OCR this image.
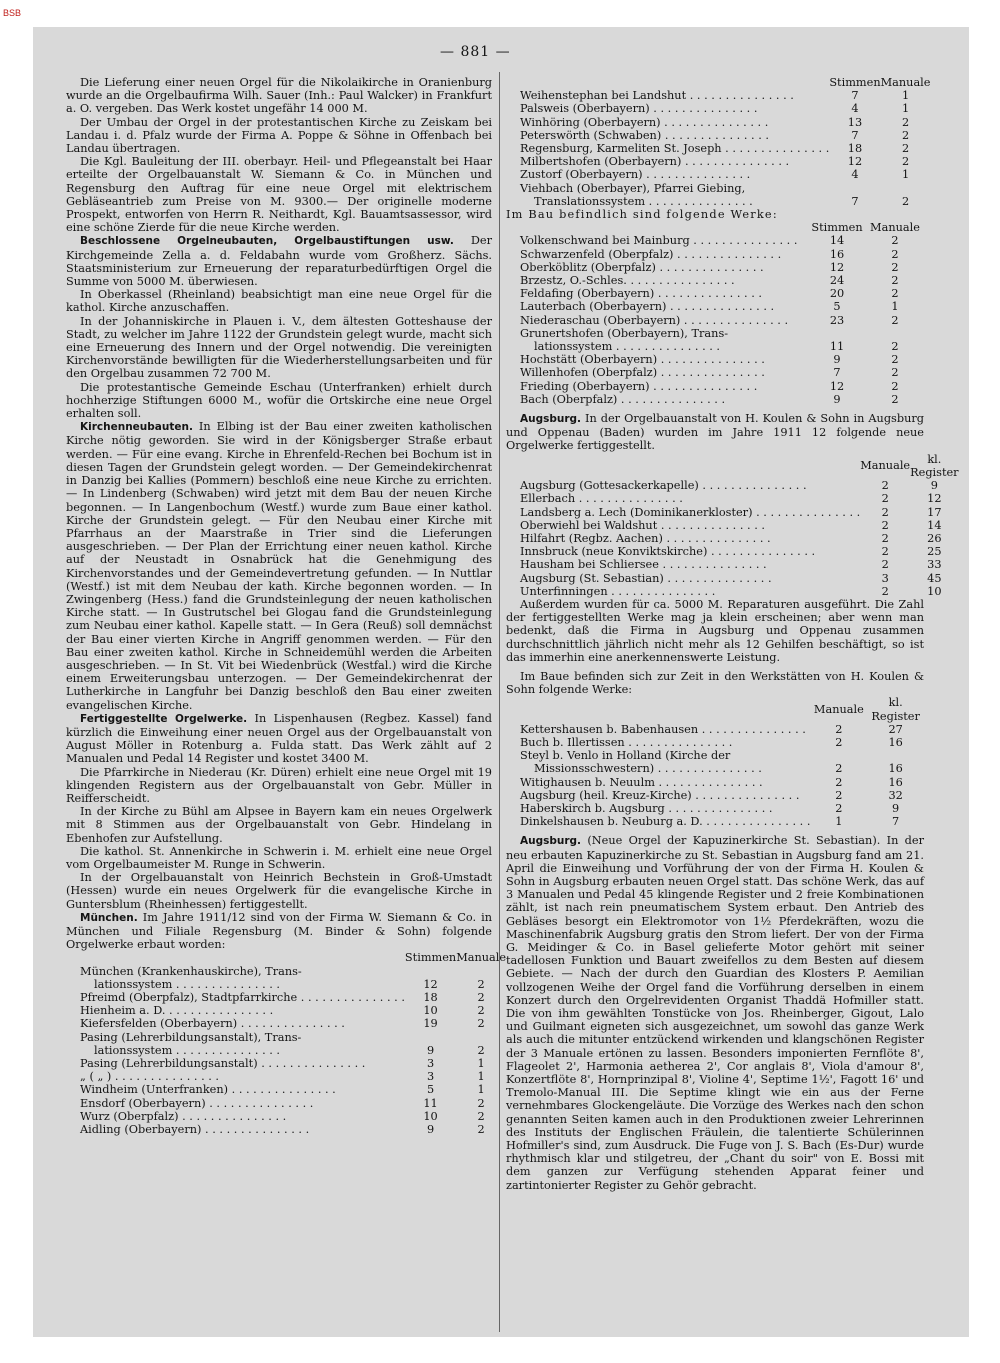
BSB
— 881 —

Die Lieferung einer neuen Orgel für die Nikolaikirche in Oranienburg wurde an die Orgelbaufirma Wilh. Sauer (Inh.: Paul Walcker) in Frankfurt a. O. vergeben. Das Werk kostet ungefähr 14 000 M.

Der Umbau der Orgel in der protestantischen Kirche zu Zeiskam bei Landau i. d. Pfalz wurde der Firma A. Poppe & Söhne in Offenbach bei Landau übertragen.

Die Kgl. Bauleitung der III. oberbayr. Heil- und Pflegeanstalt bei Haar erteilte der Orgelbauanstalt W. Siemann & Co. in München und Regensburg den Auftrag für eine neue Orgel mit elektrischem Gebläseantrieb zum Preise von M. 9300.— Der originelle moderne Prospekt, entworfen von Herrn R. Neithardt, Kgl. Bauamtsassessor, wird eine schöne Zierde für die neue Kirche werden.

Beschlossene Orgelneubauten, Orgelbaustiftungen usw. Der Kirchgemeinde Zella a. d. Feldabahn wurde vom Großherz. Sächs. Staatsministerium zur Erneuerung der reparaturbedürftigen Orgel die Summe von 5000 M. überwiesen.

In Oberkassel (Rheinland) beabsichtigt man eine neue Orgel für die kathol. Kirche anzuschaffen.

In der Johanniskirche in Plauen i. V., dem ältesten Gotteshause der Stadt, zu welcher im Jahre 1122 der Grundstein gelegt wurde, macht sich eine Erneuerung des Innern und der Orgel notwendig. Die vereinigten Kirchenvorstände bewilligten für die Wiederherstellungsarbeiten und für den Orgelbau zusammen 72 700 M.

Die protestantische Gemeinde Eschau (Unterfranken) erhielt durch hochherzige Stiftungen 6000 M., wofür die Ortskirche eine neue Orgel erhalten soll.

Kirchenneubauten. In Elbing ist der Bau einer zweiten katholischen Kirche nötig geworden. Sie wird in der Königsberger Straße erbaut werden. — Für eine evang. Kirche in Ehrenfeld-Rechen bei Bochum ist in diesen Tagen der Grundstein gelegt worden. — Der Gemeindekirchenrat in Danzig bei Kallies (Pommern) beschloß eine neue Kirche zu errichten. — In Lindenberg (Schwaben) wird jetzt mit dem Bau der neuen Kirche begonnen. — In Langenbochum (Westf.) wurde zum Baue einer kathol. Kirche der Grundstein gelegt. — Für den Neubau einer Kirche mit Pfarrhaus an der Maarstraße in Trier sind die Lieferungen ausgeschrieben. — Der Plan der Errichtung einer neuen kathol. Kirche auf der Neustadt in Osnabrück hat die Genehmigung des Kirchenvorstandes und der Gemeindevertretung gefunden. — In Nuttlar (Westf.) ist mit dem Neubau der kath. Kirche begonnen worden. — In Zwingenberg (Hess.) fand die Grundsteinlegung der neuen katholischen Kirche statt. — In Gustrutschel bei Glogau fand die Grundsteinlegung zum Neubau einer kathol. Kapelle statt. — In Gera (Reuß) soll demnächst der Bau einer vierten Kirche in Angriff genommen werden. — Für den Bau einer zweiten kathol. Kirche in Schneidemühl werden die Arbeiten ausgeschrieben. — In St. Vit bei Wiedenbrück (Westfal.) wird die Kirche einem Erweiterungsbau unterzogen. — Der Gemeindekirchenrat der Lutherkirche in Langfuhr bei Danzig beschloß den Bau einer zweiten evangelischen Kirche.

Fertiggestellte Orgelwerke. In Lispenhausen (Regbez. Kassel) fand kürzlich die Einweihung einer neuen Orgel aus der Orgelbauanstalt von August Möller in Rotenburg a. Fulda statt. Das Werk zählt auf 2 Manualen und Pedal 14 Register und kostet 3400 M.

Die Pfarrkirche in Niederau (Kr. Düren) erhielt eine neue Orgel mit 19 klingenden Registern aus der Orgelbauanstalt von Gebr. Müller in Reifferscheidt.

In der Kirche zu Bühl am Alpsee in Bayern kam ein neues Orgelwerk mit 8 Stimmen aus der Orgelbauanstalt von Gebr. Hindelang in Ebenhofen zur Aufstellung.

Die kathol. St. Annenkirche in Schwerin i. M. erhielt eine neue Orgel vom Orgelbaumeister M. Runge in Schwerin.

In der Orgelbauanstalt von Heinrich Bechstein in Groß-Umstadt (Hessen) wurde ein neues Orgelwerk für die evangelische Kirche in Guntersblum (Rheinhessen) fertiggestellt.

München. Im Jahre 1911/12 sind von der Firma W. Siemann & Co. in München und Filiale Regensburg (M. Binder & Sohn) folgende Orgelwerke erbaut worden:

	Stimmen	Manuale
München (Krankenhauskirche), Trans-		
lationssystem . . .	12	2
Pfreimd (Oberpfalz), Stadtpfarrkirche . . .	18	2
Hienheim a. D. . . .	10	2
Kiefersfelden (Oberbayern) . . .	19	2
Pasing (Lehrerbildungsanstalt), Trans-		
lationssystem . . .	9	2
Pasing (Lehrerbildungsanstalt) . . .	3	1
„ ( „ ) . . .	3	1
Windheim (Unterfranken) . . .	5	1
Ensdorf (Oberbayern) . . .	11	2
Wurz (Oberpfalz) . . .	10	2
Aidling (Oberbayern) . . .	9	2
	Stimmen	Manuale
Weihenstephan bei Landshut . . .	7	1
Palsweis (Oberbayern) . . .	4	1
Winhöring (Oberbayern) . . .	13	2
Peterswörth (Schwaben) . . .	7	2
Regensburg, Karmeliten St. Joseph . . .	18	2
Milbertshofen (Oberbayern) . . .	12	2
Zustorf (Oberbayern) . . .	4	1
Viehbach (Oberbayer), Pfarrei Giebing,		
Translationssystem . . .	7	2

Im Bau befindlich sind folgende Werke:

	Stimmen	Manuale
Volkenschwand bei Mainburg . . .	14	2
Schwarzenfeld (Oberpfalz) . . .	16	2
Oberköblitz (Oberpfalz) . . .	12	2
Brzestz, O.-Schles. . . .	24	2
Feldafing (Oberbayern) . . .	20	2
Lauterbach (Oberbayern) . . .	5	1
Niederaschau (Oberbayern) . . .	23	2
Grunertshofen (Oberbayern), Trans-		
lationssystem . . .	11	2
Hochstätt (Oberbayern) . . .	9	2
Willenhofen (Oberpfalz) . . .	7	2
Frieding (Oberbayern) . . .	12	2
Bach (Oberpfalz) . . .	9	2

Augsburg. In der Orgelbauanstalt von H. Koulen & Sohn in Augsburg und Oppenau (Baden) wurden im Jahre 1911 12 folgende neue Orgelwerke fertiggestellt.

	Manuale	kl. Register
Augsburg (Gottesackerkapelle) . . .	2	9
Ellerbach . . .	2	12
Landsberg a. Lech (Dominikanerkloster) . . .	2	17
Oberwiehl bei Waldshut . . .	2	14
Hilfahrt (Regbz. Aachen) . . .	2	26
Innsbruck (neue Konviktskirche) . . .	2	25
Hausham bei Schliersee . . .	2	33
Augsburg (St. Sebastian) . . .	3	45
Unterfinningen . . .	2	10

Außerdem wurden für ca. 5000 M. Reparaturen ausgeführt. Die Zahl der fertiggestellten Werke mag ja klein erscheinen; aber wenn man bedenkt, daß die Firma in Augsburg und Oppenau zusammen durchschnittlich jährlich nicht mehr als 12 Gehilfen beschäftigt, so ist das immerhin eine anerkennenswerte Leistung.

Im Baue befinden sich zur Zeit in den Werkstätten von H. Koulen & Sohn folgende Werke:

	Manuale	kl. Register
Kettershausen b. Babenhausen . . .	2	27
Buch b. Illertissen . . .	2	16
Steyl b. Venlo in Holland (Kirche der		
Missionsschwestern) . . .	2	16
Witighausen b. Neuulm . . .	2	16
Augsburg (heil. Kreuz-Kirche) . . .	2	32
Haberskirch b. Augsburg . . .	2	9
Dinkelshausen b. Neuburg a. D. . . .	1	7

Augsburg. (Neue Orgel der Kapuzinerkirche St. Sebastian). In der neu erbauten Kapuzinerkirche zu St. Sebastian in Augsburg fand am 21. April die Einweihung und Vorführung der von der Firma H. Koulen & Sohn in Augsburg erbauten neuen Orgel statt. Das schöne Werk, das auf 3 Manualen und Pedal 45 klingende Register und 2 freie Kombinationen zählt, ist nach rein pneumatischem System erbaut. Den Antrieb des Gebläses besorgt ein Elektromotor von 1½ Pferdekräften, wozu die Maschinenfabrik Augsburg gratis den Strom liefert. Der von der Firma G. Meidinger & Co. in Basel gelieferte Motor gehört mit seiner tadellosen Funktion und Bauart zweifellos zu dem Besten auf diesem Gebiete. — Nach der durch den Guardian des Klosters P. Aemilian vollzogenen Weihe der Orgel fand die Vorführung derselben in einem Konzert durch den Orgelrevidenten Organist Thaddä Hofmiller statt. Die von ihm gewählten Tonstücke von Jos. Rheinberger, Gigout, Lalo und Guilmant eigneten sich ausgezeichnet, um sowohl das ganze Werk als auch die mitunter entzückend wirkenden und klangschönen Register der 3 Manuale ertönen zu lassen. Besonders imponierten Fernflöte 8', Flageolet 2', Harmonia aetherea 2', Cor anglais 8', Viola d'amour 8', Konzertflöte 8', Hornprinzipal 8', Violine 4', Septime 1½', Fagott 16' und Tremolo-Manual III. Die Septime klingt wie ein aus der Ferne vernehmbares Glockengeläute. Die Vorzüge des Werkes nach den schon genannten Seiten kamen auch in den Produktionen zweier Lehrerinnen des Instituts der Englischen Fräulein, die talentierte Schülerinnen Hofmiller's sind, zum Ausdruck. Die Fuge von J. S. Bach (Es-Dur) wurde rhythmisch klar und stilgetreu, der „Chant du soir" von E. Bossi mit dem ganzen zur Verfügung stehenden Apparat feiner und zartintonierter Register zu Gehör gebracht.
